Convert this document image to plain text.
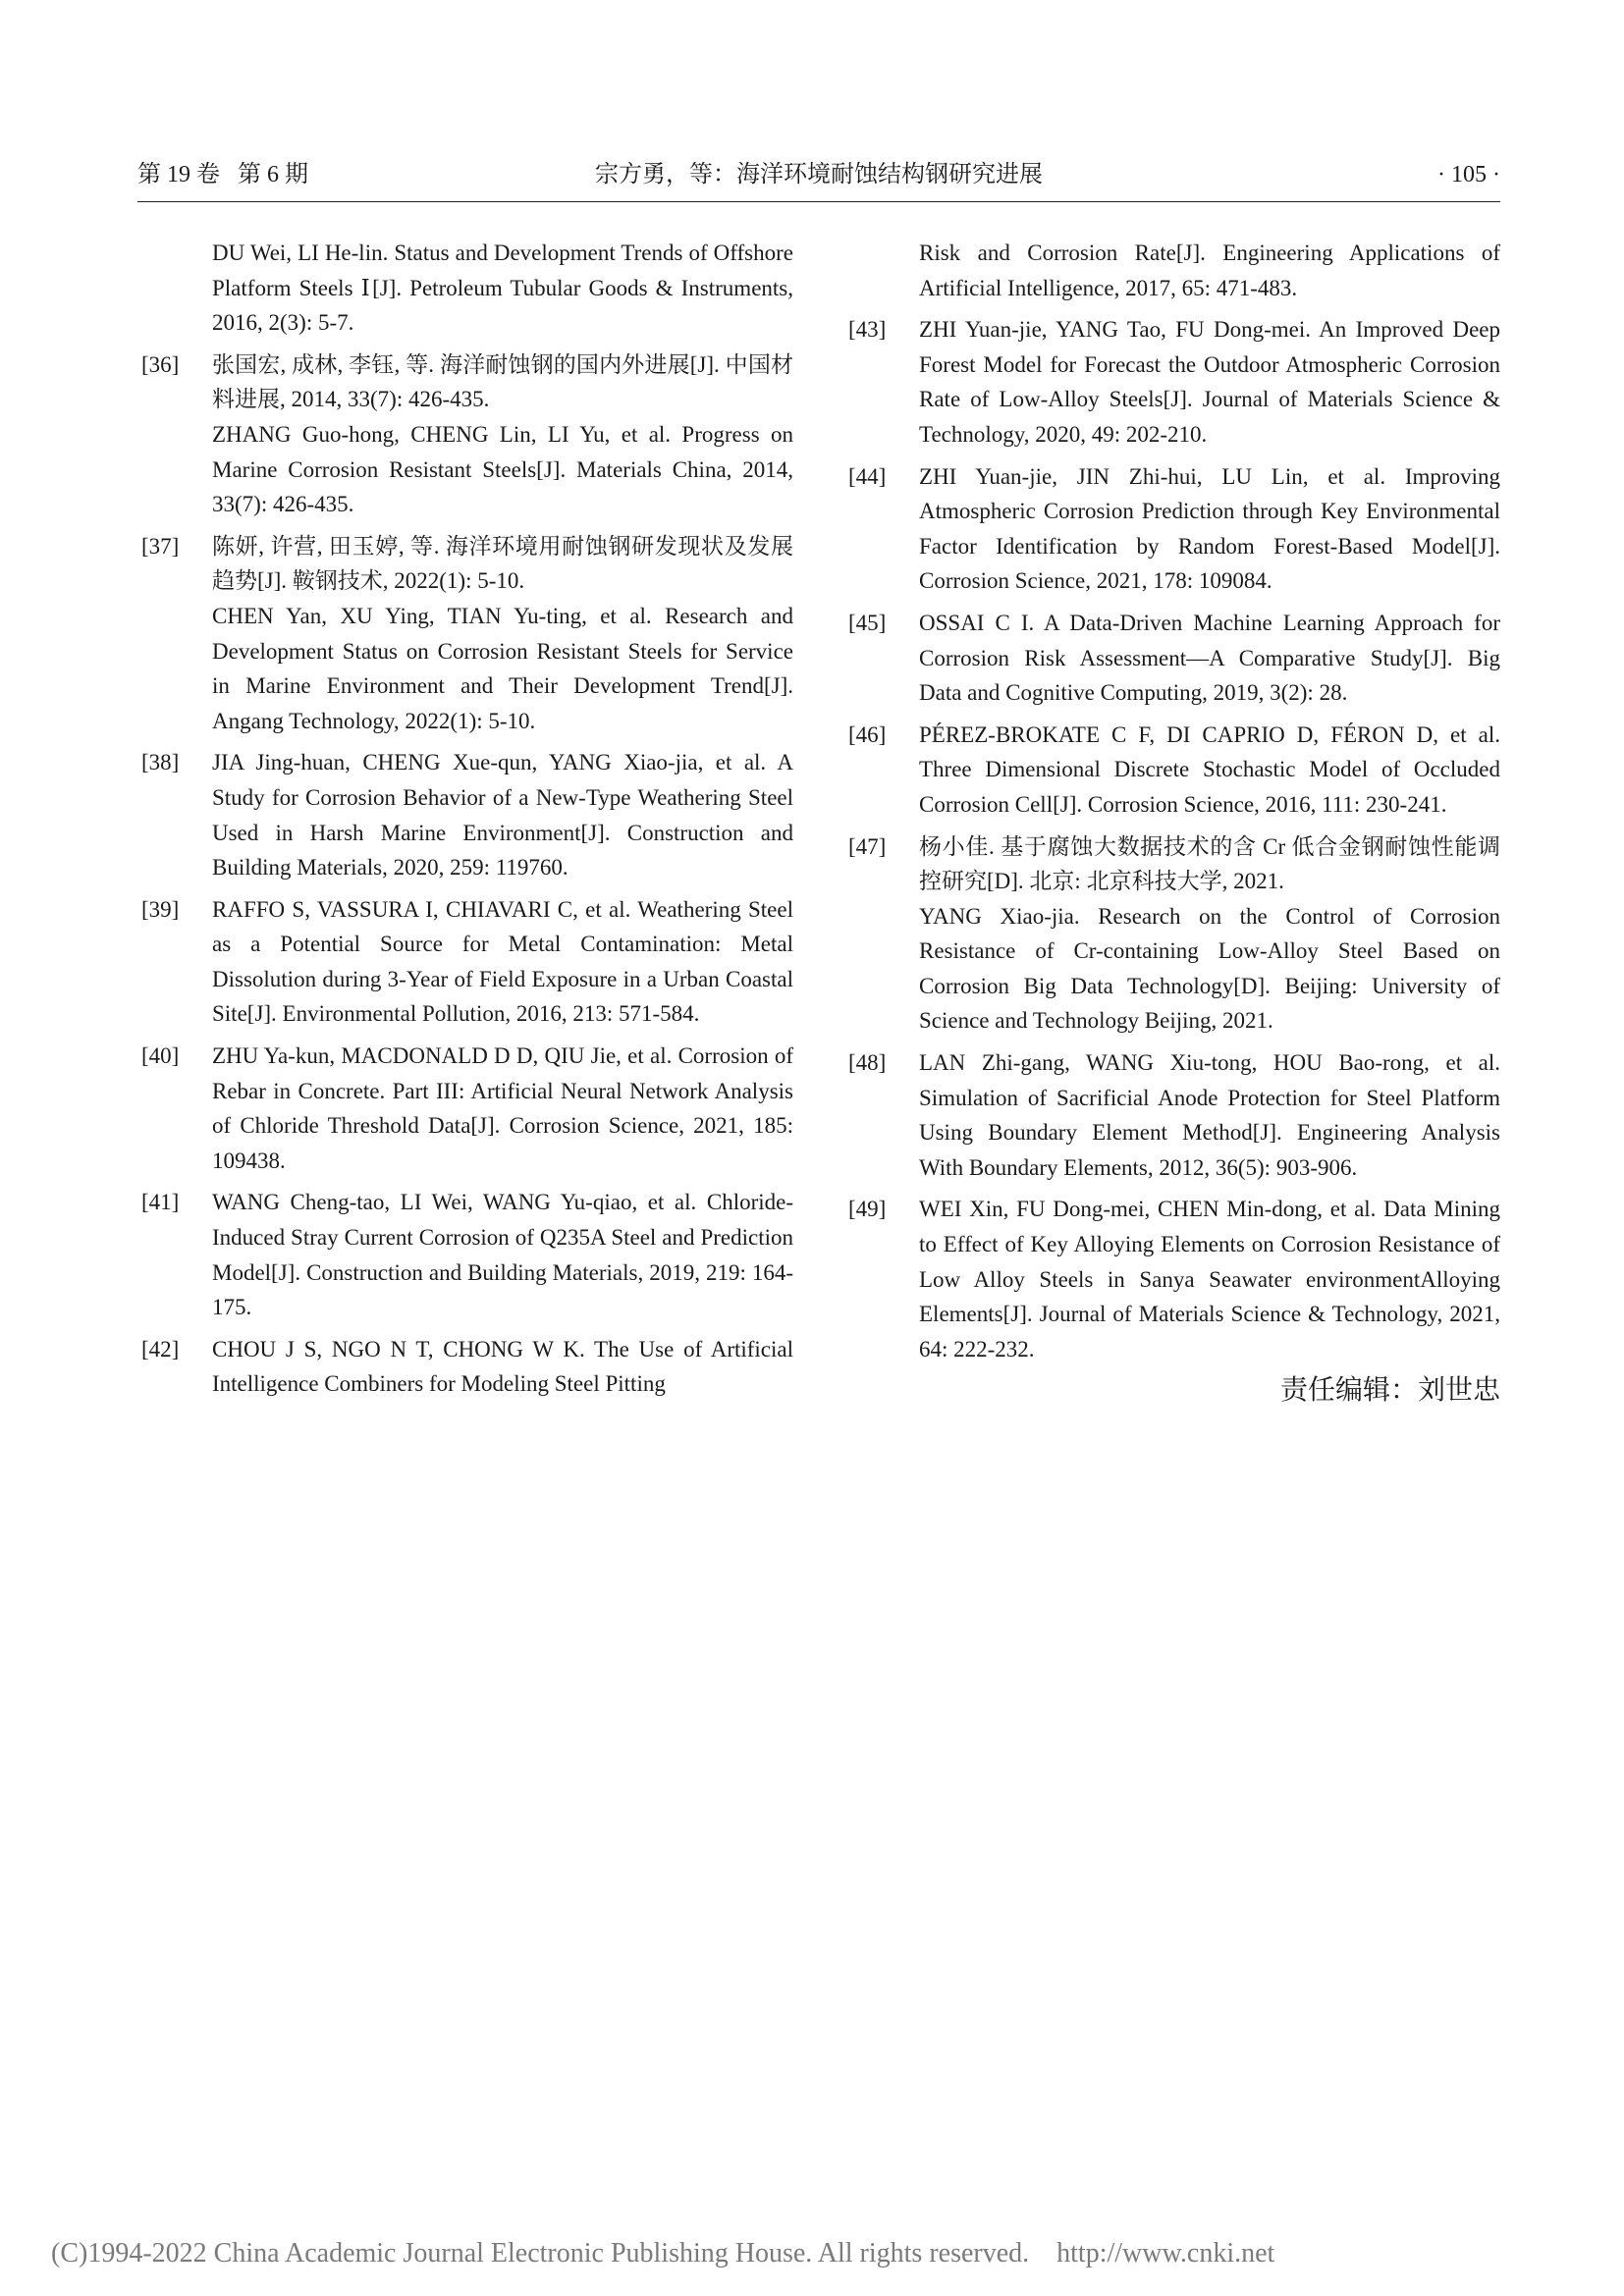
第 19 卷   第 6 期	宗方勇，等：海洋环境耐蚀结构钢研究进展	· 105 ·

DU Wei, LI He-lin. Status and Development Trends of Offshore Platform Steels Ⅰ[J]. Petroleum Tubular Goods & Instruments, 2016, 2(3): 5-7.

[36] 张国宏, 成林, 李钰, 等. 海洋耐蚀钢的国内外进展[J]. 中国材料进展, 2014, 33(7): 426-435.

ZHANG Guo-hong, CHENG Lin, LI Yu, et al. Progress on Marine Corrosion Resistant Steels[J]. Materials China, 2014, 33(7): 426-435.

[37] 陈妍, 许营, 田玉婷, 等. 海洋环境用耐蚀钢研发现状及发展趋势[J]. 鞍钢技术, 2022(1): 5-10.

CHEN Yan, XU Ying, TIAN Yu-ting, et al. Research and Development Status on Corrosion Resistant Steels for Service in Marine Environment and Their Development Trend[J]. Angang Technology, 2022(1): 5-10.

[38] JIA Jing-huan, CHENG Xue-qun, YANG Xiao-jia, et al. A Study for Corrosion Behavior of a New-Type Weathering Steel Used in Harsh Marine Environment[J]. Construction and Building Materials, 2020, 259: 119760.

[39] RAFFO S, VASSURA I, CHIAVARI C, et al. Weathering Steel as a Potential Source for Metal Contamination: Metal Dissolution during 3-Year of Field Exposure in a Urban Coastal Site[J]. Environmental Pollution, 2016, 213: 571-584.

[40] ZHU Ya-kun, MACDONALD D D, QIU Jie, et al. Corrosion of Rebar in Concrete. Part III: Artificial Neural Network Analysis of Chloride Threshold Data[J]. Corrosion Science, 2021, 185: 109438.

[41] WANG Cheng-tao, LI Wei, WANG Yu-qiao, et al. Chloride-Induced Stray Current Corrosion of Q235A Steel and Prediction Model[J]. Construction and Building Materials, 2019, 219: 164-175.

[42] CHOU J S, NGO N T, CHONG W K. The Use of Artificial Intelligence Combiners for Modeling Steel Pitting

Risk and Corrosion Rate[J]. Engineering Applications of Artificial Intelligence, 2017, 65: 471-483.

[43] ZHI Yuan-jie, YANG Tao, FU Dong-mei. An Improved Deep Forest Model for Forecast the Outdoor Atmospheric Corrosion Rate of Low-Alloy Steels[J]. Journal of Materials Science & Technology, 2020, 49: 202-210.

[44] ZHI Yuan-jie, JIN Zhi-hui, LU Lin, et al. Improving Atmospheric Corrosion Prediction through Key Environmental Factor Identification by Random Forest-Based Model[J]. Corrosion Science, 2021, 178: 109084.

[45] OSSAI C I. A Data-Driven Machine Learning Approach for Corrosion Risk Assessment—A Comparative Study[J]. Big Data and Cognitive Computing, 2019, 3(2): 28.

[46] PÉREZ-BROKATE C F, DI CAPRIO D, FÉRON D, et al. Three Dimensional Discrete Stochastic Model of Occluded Corrosion Cell[J]. Corrosion Science, 2016, 111: 230-241.

[47] 杨小佳. 基于腐蚀大数据技术的含 Cr 低合金钢耐蚀性能调控研究[D]. 北京: 北京科技大学, 2021.

YANG Xiao-jia. Research on the Control of Corrosion Resistance of Cr-containing Low-Alloy Steel Based on Corrosion Big Data Technology[D]. Beijing: University of Science and Technology Beijing, 2021.

[48] LAN Zhi-gang, WANG Xiu-tong, HOU Bao-rong, et al. Simulation of Sacrificial Anode Protection for Steel Platform Using Boundary Element Method[J]. Engineering Analysis With Boundary Elements, 2012, 36(5): 903-906.

[49] WEI Xin, FU Dong-mei, CHEN Min-dong, et al. Data Mining to Effect of Key Alloying Elements on Corrosion Resistance of Low Alloy Steels in Sanya Seawater environmentAlloying Elements[J]. Journal of Materials Science & Technology, 2021, 64: 222-232.

责任编辑：刘世忠
(C)1994-2022 China Academic Journal Electronic Publishing House. All rights reserved.    http://www.cnki.net
